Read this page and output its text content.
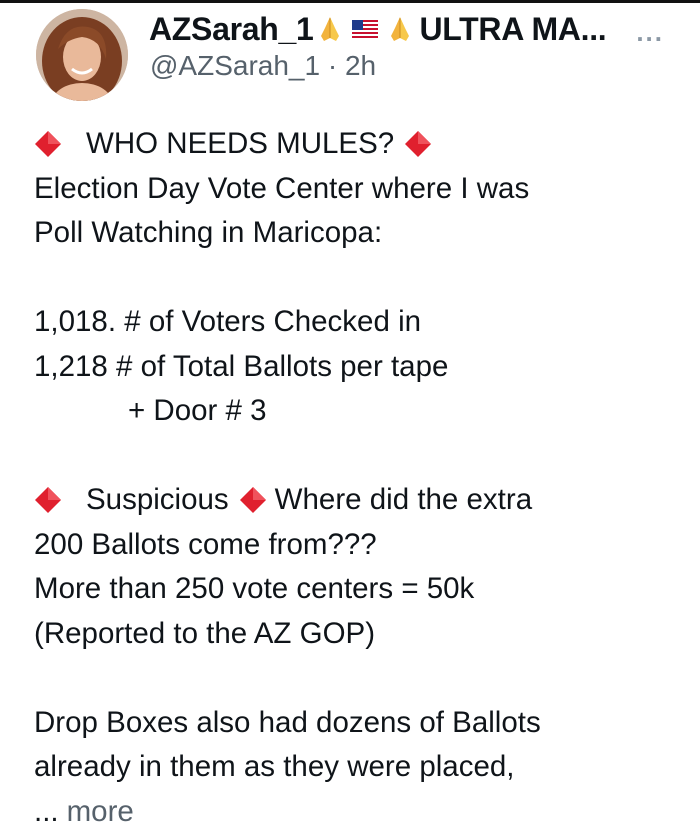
AZSarah_1	ULTRA MA... ...
@AZSarah_1 · 2h
WHO NEEDS MULES?
Election Day Vote Center where I was
Poll Watching in Maricopa:
1,018. # of Voters Checked in
1,218 # of Total Ballots per tape
+ Door # 3
Suspicious Where did the extra
200 Ballots come from???
More than 250 vote centers = 50k
(Reported to the AZ GOP)
Drop Boxes also had dozens of Ballots
already in them as they were placed,
... more
